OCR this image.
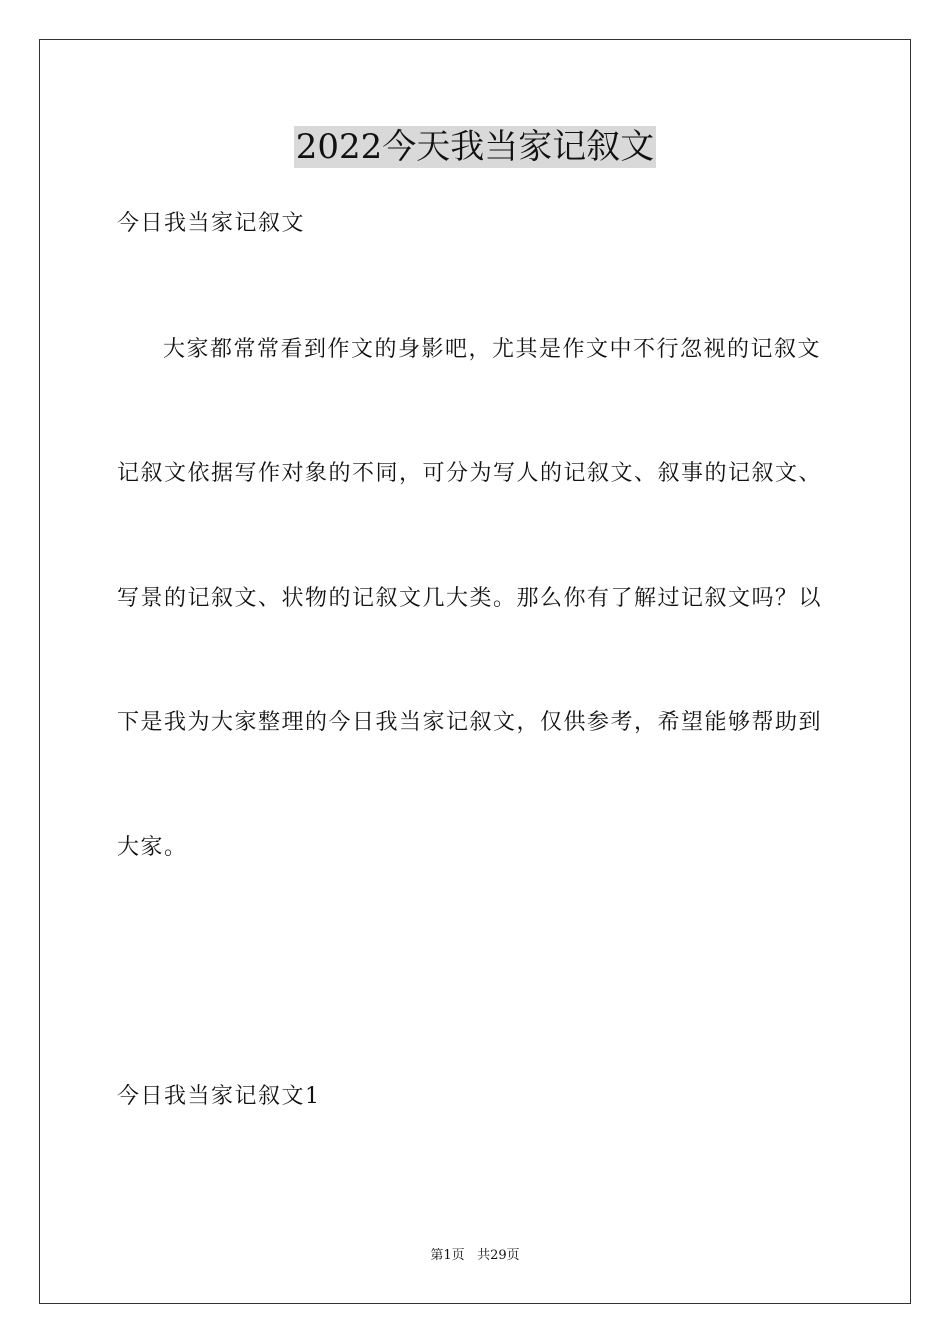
2022今天我当家记叙文
今日我当家记叙文
大家都常常看到作文的身影吧，尤其是作文中不行忽视的记叙文
记叙文依据写作对象的不同，可分为写人的记叙文、叙事的记叙文、
写景的记叙文、状物的记叙文几大类。那么你有了解过记叙文吗？以
下是我为大家整理的今日我当家记叙文，仅供参考，希望能够帮助到
大家。
今日我当家记叙文1
第1页 共29页
